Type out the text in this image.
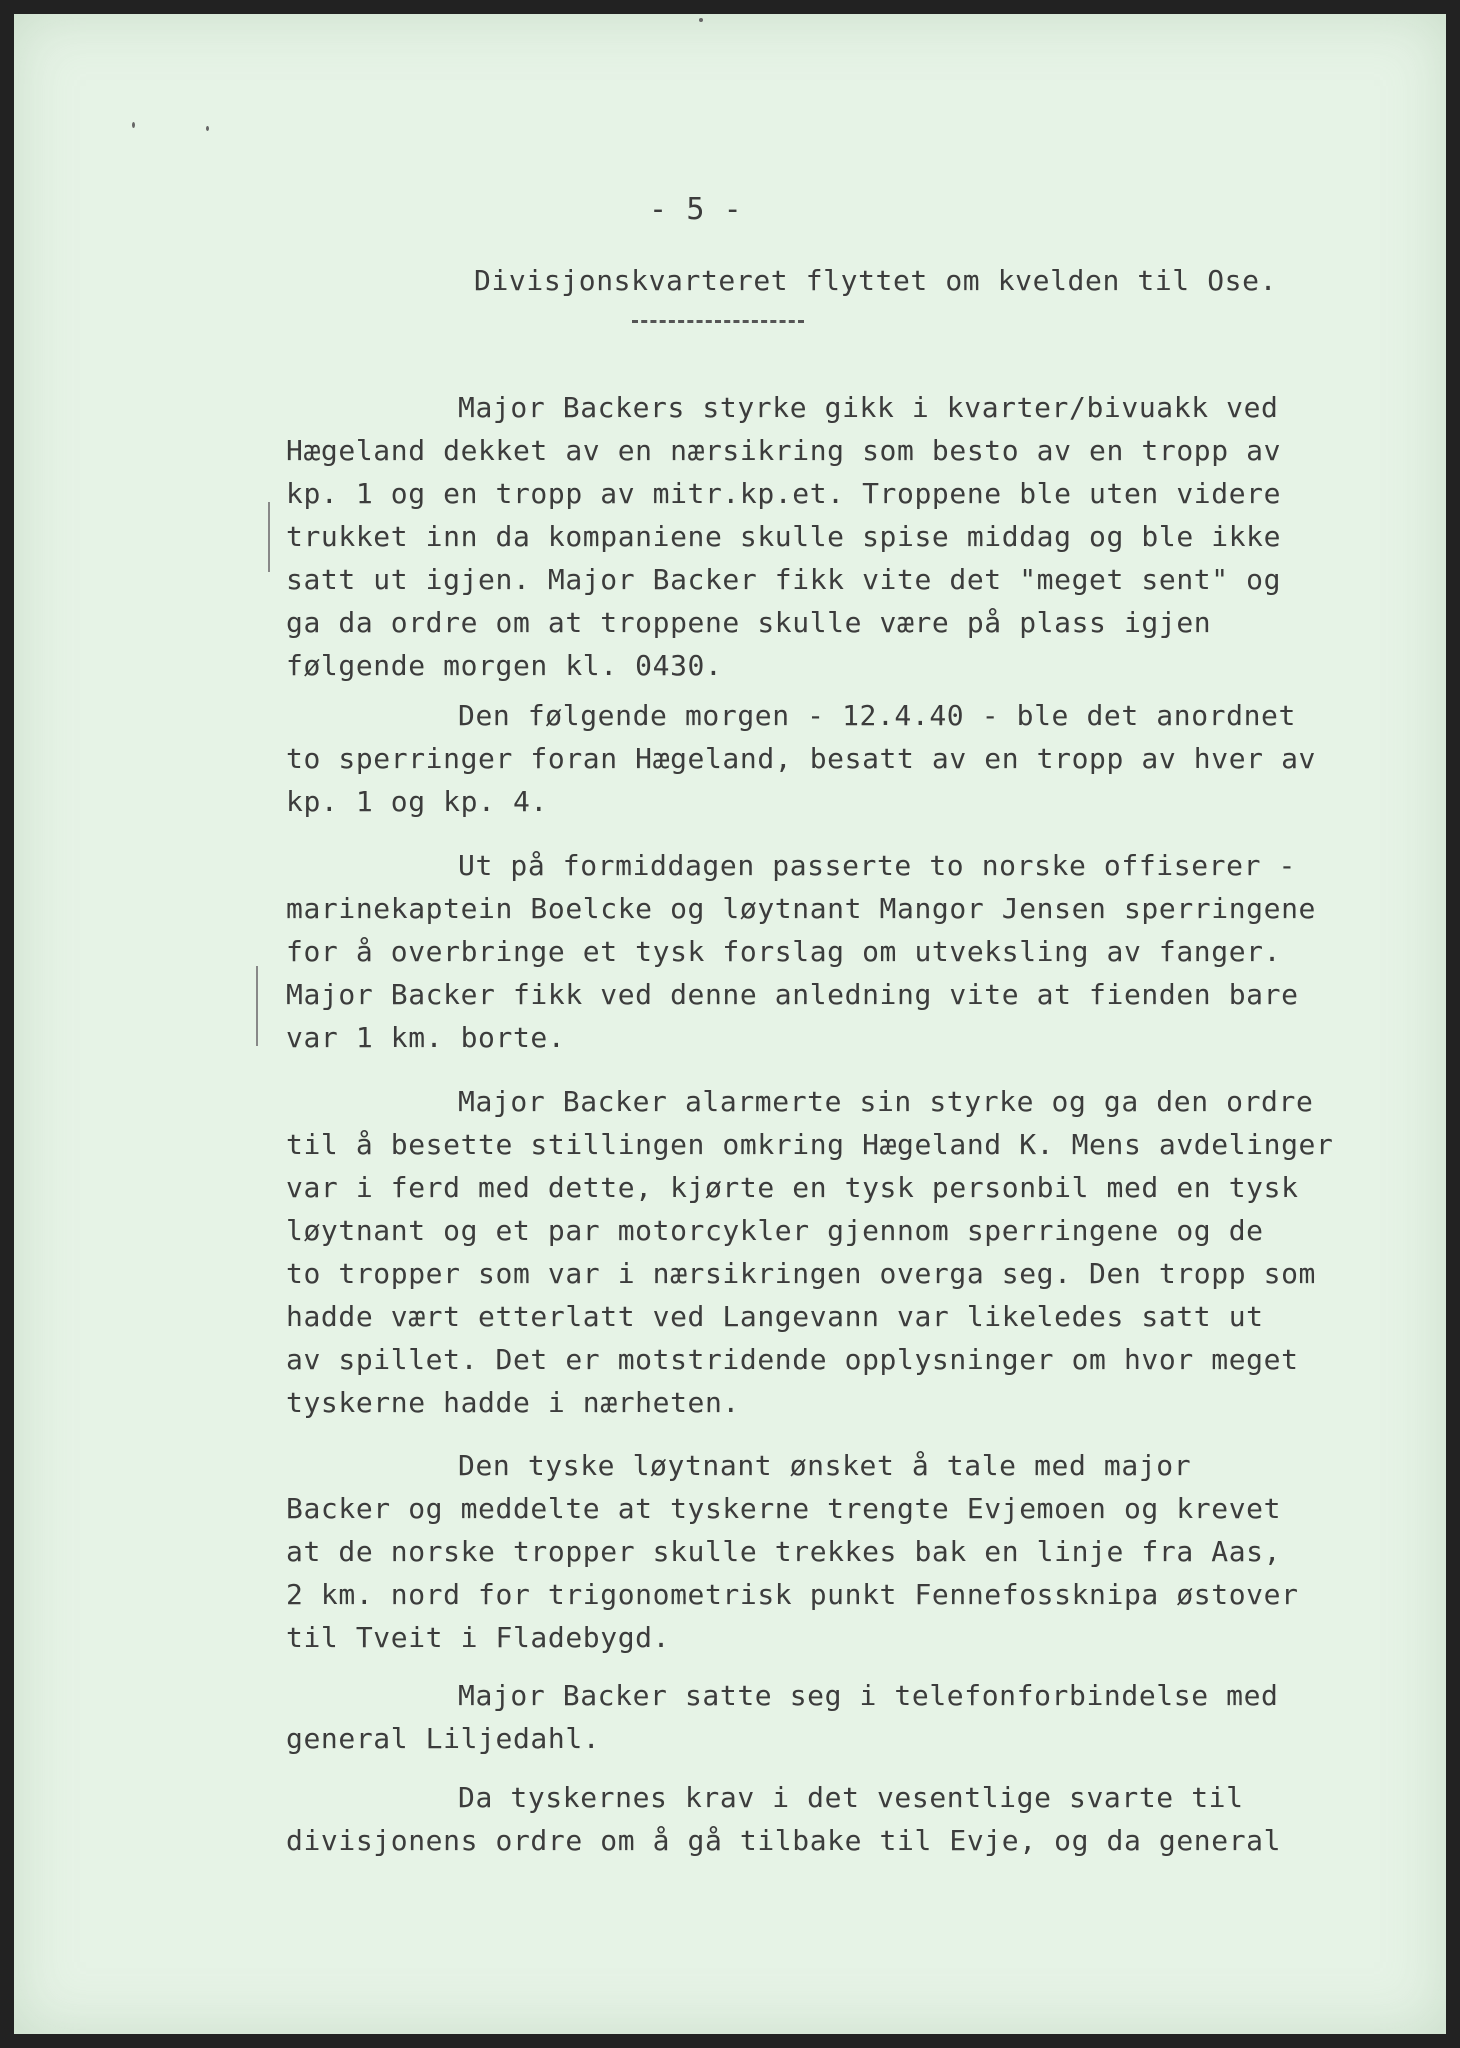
- 5 -
Divisjonskvarteret flyttet om kvelden til Ose.
Major Backers styrke gikk i kvarter/bivuakk ved
Hægeland dekket av en nærsikring som besto av en tropp av
kp. 1 og en tropp av mitr.kp.et. Troppene ble uten videre
trukket inn da kompaniene skulle spise middag og ble ikke
satt ut igjen. Major Backer fikk vite det "meget sent" og
ga da ordre om at troppene skulle være på plass igjen
følgende morgen kl. 0430.
Den følgende morgen - 12.4.40 - ble det anordnet
to sperringer foran Hægeland, besatt av en tropp av hver av
kp. 1 og kp. 4.
Ut på formiddagen passerte to norske offiserer -
marinekaptein Boelcke og løytnant Mangor Jensen sperringene
for å overbringe et tysk forslag om utveksling av fanger.
Major Backer fikk ved denne anledning vite at fienden bare
var 1 km. borte.
Major Backer alarmerte sin styrke og ga den ordre
til å besette stillingen omkring Hægeland K. Mens avdelinger
var i ferd med dette, kjørte en tysk personbil med en tysk
løytnant og et par motorcykler gjennom sperringene og de
to tropper som var i nærsikringen overga seg. Den tropp som
hadde vært etterlatt ved Langevann var likeledes satt ut
av spillet. Det er motstridende opplysninger om hvor meget
tyskerne hadde i nærheten.
Den tyske løytnant ønsket å tale med major
Backer og meddelte at tyskerne trengte Evjemoen og krevet
at de norske tropper skulle trekkes bak en linje fra Aas,
2 km. nord for trigonometrisk punkt Fennefossknipa østover
til Tveit i Fladebygd.
Major Backer satte seg i telefonforbindelse med
general Liljedahl.
Da tyskernes krav i det vesentlige svarte til
divisjonens ordre om å gå tilbake til Evje, og da general
